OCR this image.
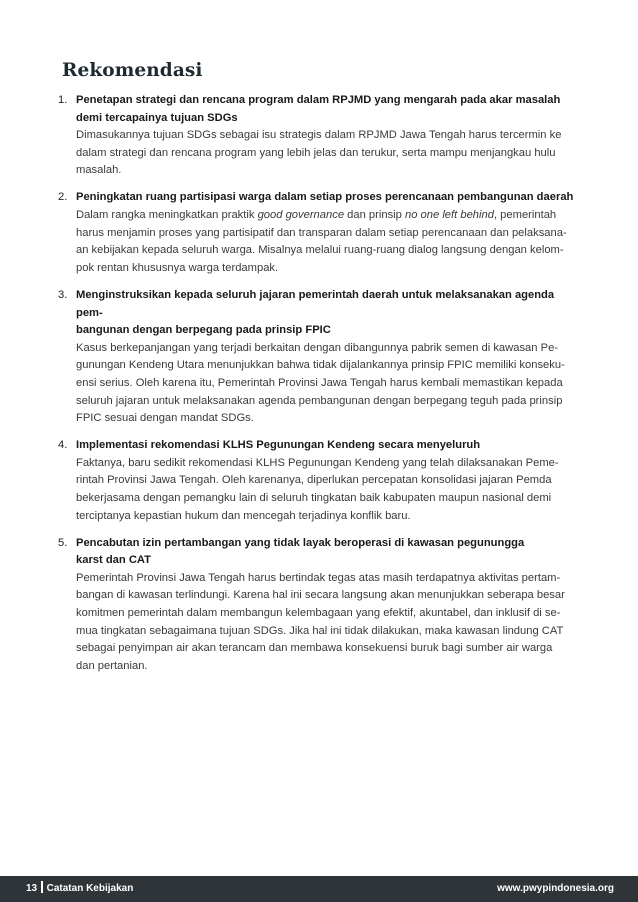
Rekomendasi
1. Penetapan strategi dan rencana program dalam RPJMD yang mengarah pada akar masalah
demi tercapainya tujuan SDGs
Dimasukannya tujuan SDGs sebagai isu strategis dalam RPJMD Jawa Tengah harus tercermin ke
dalam strategi dan rencana program yang lebih jelas dan terukur, serta mampu menjangkau hulu
masalah.
2. Peningkatan ruang partisipasi warga dalam setiap proses perencanaan pembangunan daerah
Dalam rangka meningkatkan praktik good governance dan prinsip no one left behind, pemerintah
harus menjamin proses yang partisipatif dan transparan dalam setiap perencanaan dan pelaksana-
an kebijakan kepada seluruh warga. Misalnya melalui ruang-ruang dialog langsung dengan kelom-
pok rentan khususnya warga terdampak.
3. Menginstruksikan kepada seluruh jajaran pemerintah daerah untuk melaksanakan agenda pem-
bangunan dengan berpegang pada prinsip FPIC
Kasus berkepanjangan yang terjadi berkaitan dengan dibangunnya pabrik semen di kawasan Pe-
gunungan Kendeng Utara menunjukkan bahwa tidak dijalankannya prinsip FPIC memiliki konseku-
ensi serius. Oleh karena itu, Pemerintah Provinsi Jawa Tengah harus kembali memastikan kepada
seluruh jajaran untuk melaksanakan agenda pembangunan dengan berpegang teguh pada prinsip
FPIC sesuai dengan mandat SDGs.
4. Implementasi rekomendasi KLHS Pegunungan Kendeng secara menyeluruh
Faktanya, baru sedikit rekomendasi KLHS Pegunungan Kendeng yang telah dilaksanakan Peme-
rintah Provinsi Jawa Tengah. Oleh karenanya, diperlukan percepatan konsolidasi jajaran Pemda
bekerjasama dengan pemangku lain di seluruh tingkatan baik kabupaten maupun nasional demi
terciptanya kepastian hukum dan mencegah terjadinya konflik baru.
5. Pencabutan izin pertambangan yang tidak layak beroperasi di kawasan pegunungga
karst dan CAT
Pemerintah Provinsi Jawa Tengah harus bertindak tegas atas masih terdapatnya aktivitas pertam-
bangan di kawasan terlindungi. Karena hal ini secara langsung akan menunjukkan seberapa besar
komitmen pemerintah dalam membangun kelembagaan yang efektif, akuntabel, dan inklusif di se-
mua tingkatan sebagaimana tujuan SDGs. Jika hal ini tidak dilakukan, maka kawasan lindung CAT
sebagai penyimpan air akan terancam dan membawa konsekuensi buruk bagi sumber air warga
dan pertanian.
13 Catatan Kebijakan	www.pwypindonesia.org
